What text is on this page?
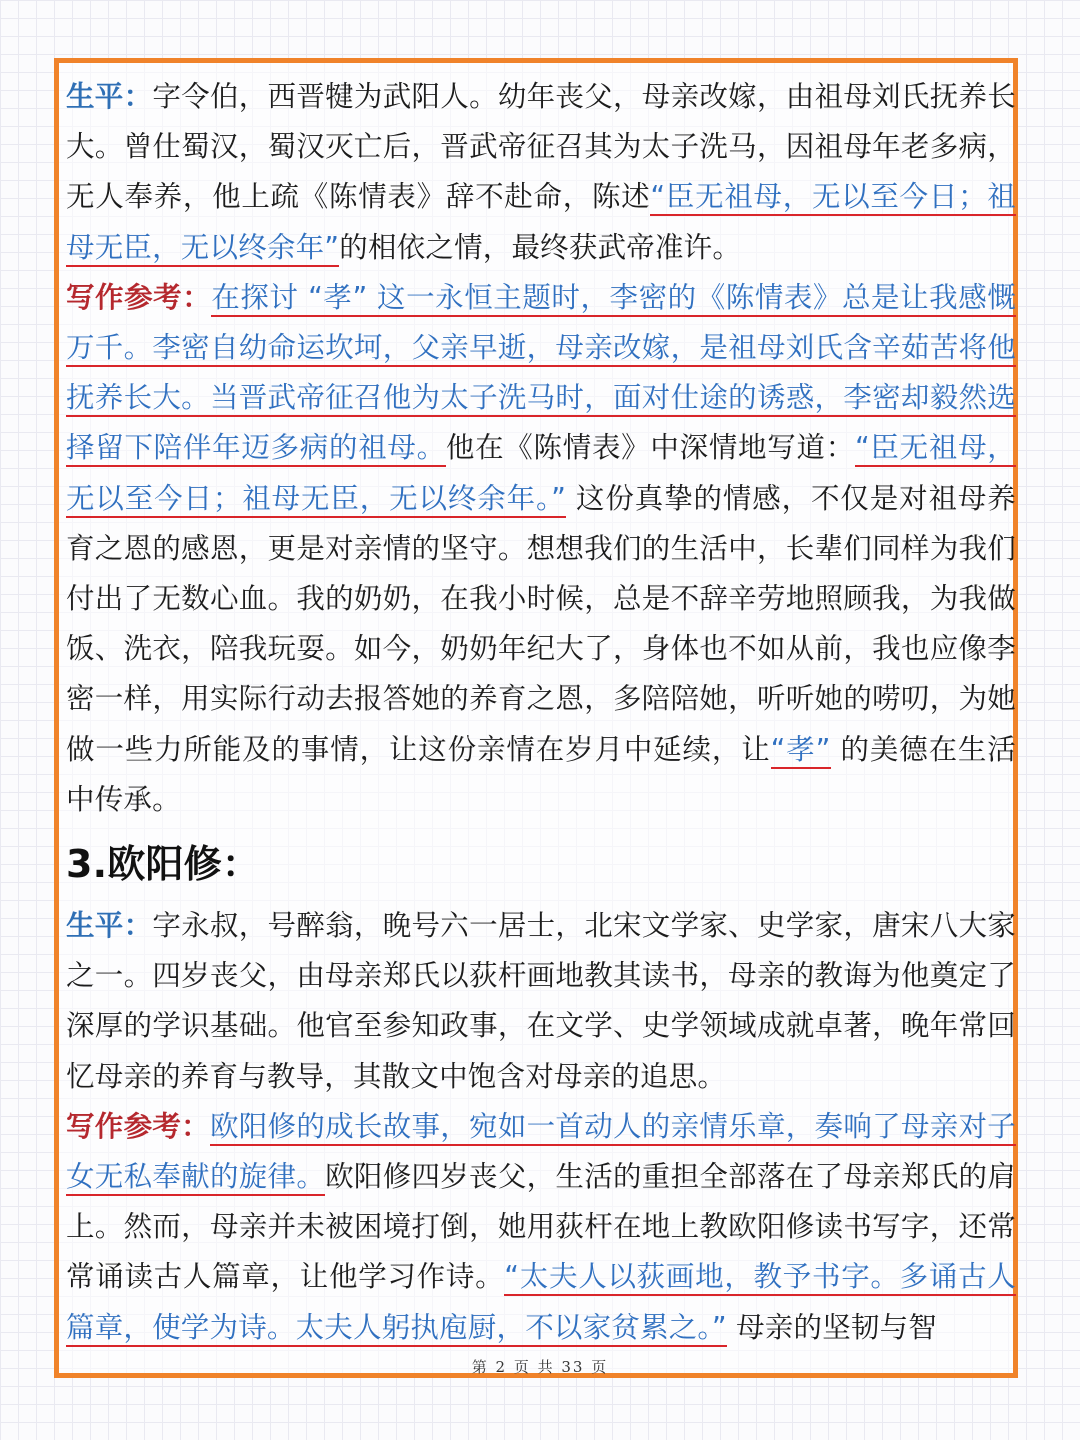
生平：字令伯，西晋犍为武阳人。幼年丧父，母亲改嫁，由祖母刘氏抚养长大。曾仕蜀汉，蜀汉灭亡后，晋武帝征召其为太子洗马，因祖母年老多病，无人奉养，他上疏《陈情表》辞不赴命，陈述“臣无祖母，无以至今日；祖母无臣，无以终余年”的相依之情，最终获武帝准许。

写作参考：在探讨 “孝” 这一永恒主题时，李密的《陈情表》总是让我感慨万千。李密自幼命运坎坷，父亲早逝，母亲改嫁，是祖母刘氏含辛茹苦将他抚养长大。当晋武帝征召他为太子洗马时，面对仕途的诱惑，李密却毅然选择留下陪伴年迈多病的祖母。他在《陈情表》中深情地写道：“臣无祖母，无以至今日；祖母无臣，无以终余年。” 这份真挚的情感，不仅是对祖母养育之恩的感恩，更是对亲情的坚守。想想我们的生活中，长辈们同样为我们付出了无数心血。我的奶奶，在我小时候，总是不辞辛劳地照顾我，为我做饭、洗衣，陪我玩耍。如今，奶奶年纪大了，身体也不如从前，我也应像李密一样，用实际行动去报答她的养育之恩，多陪陪她，听听她的唠叨，为她做一些力所能及的事情，让这份亲情在岁月中延续，让“孝” 的美德在生活中传承。

3.欧阳修：

生平：字永叔，号醉翁，晚号六一居士，北宋文学家、史学家，唐宋八大家之一。四岁丧父，由母亲郑氏以荻杆画地教其读书，母亲的教诲为他奠定了深厚的学识基础。他官至参知政事，在文学、史学领域成就卓著，晚年常回忆母亲的养育与教导，其散文中饱含对母亲的追思。

写作参考：欧阳修的成长故事，宛如一首动人的亲情乐章，奏响了母亲对子女无私奉献的旋律。欧阳修四岁丧父，生活的重担全部落在了母亲郑氏的肩上。然而，母亲并未被困境打倒，她用荻杆在地上教欧阳修读书写字，还常常诵读古人篇章，让他学习作诗。“太夫人以荻画地，教予书字。多诵古人篇章，使学为诗。太夫人躬执庖厨，不以家贫累之。” 母亲的坚韧与智

第 2 页 共 33 页
